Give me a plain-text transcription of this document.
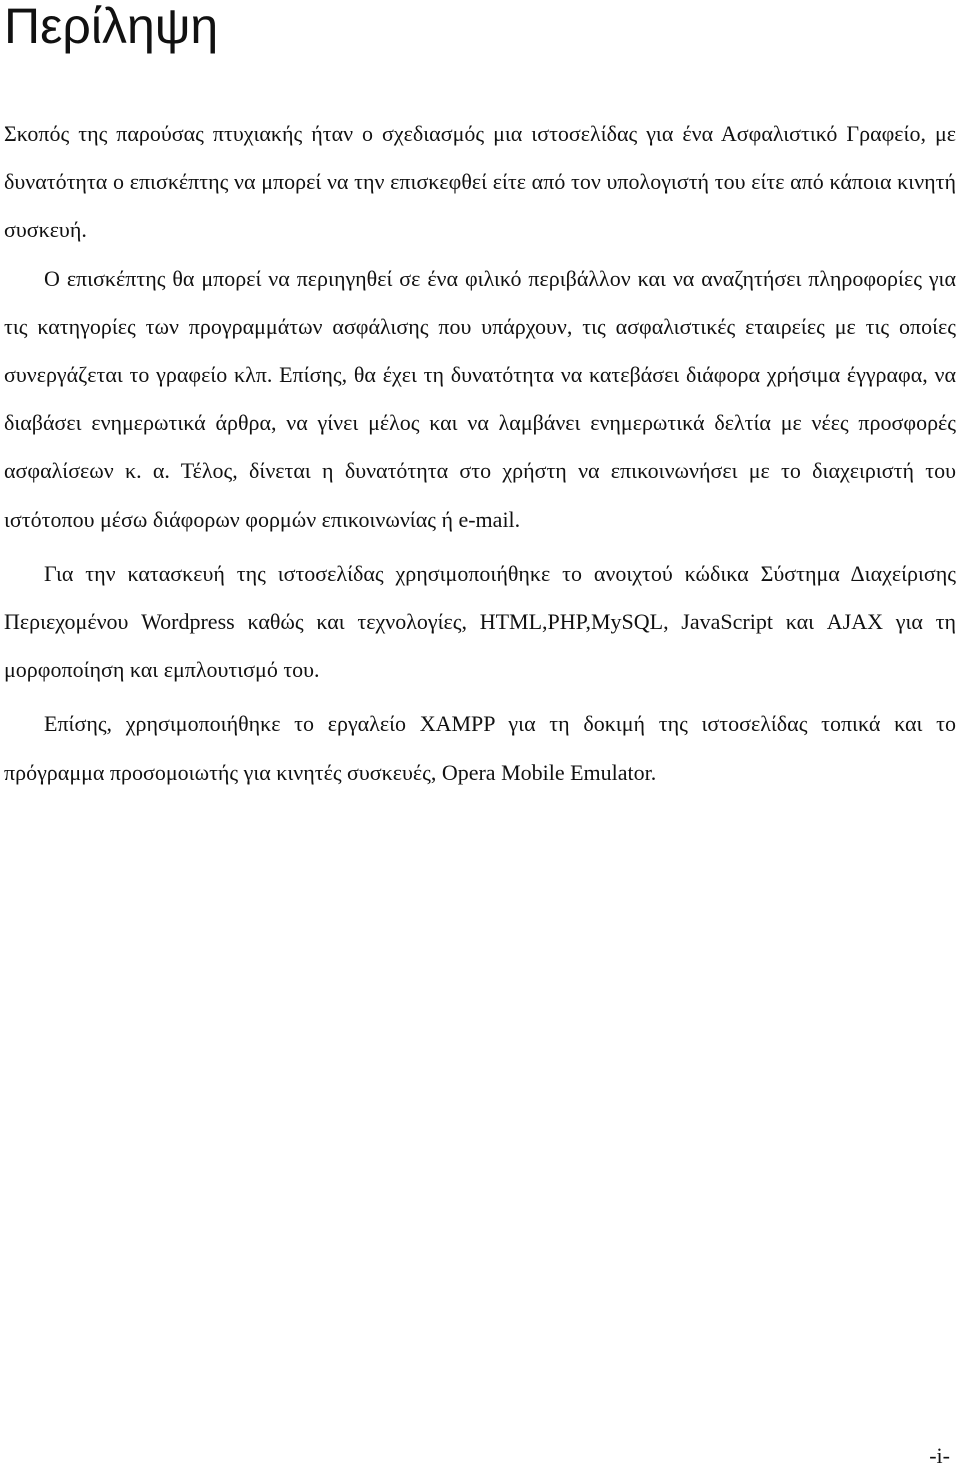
Περίληψη

Σκοπός της παρούσας πτυχιακής ήταν ο σχεδιασμός μια ιστοσελίδας για ένα Ασφαλιστικό Γραφείο, με δυνατότητα ο επισκέπτης να μπορεί να την επισκεφθεί είτε από τον υπολογιστή του είτε από κάποια κινητή συσκευή.

Ο επισκέπτης θα μπορεί να περιηγηθεί σε ένα φιλικό περιβάλλον και να αναζητήσει πληροφορίες για τις κατηγορίες των προγραμμάτων ασφάλισης που υπάρχουν, τις ασφαλιστικές εταιρείες με τις οποίες συνεργάζεται το γραφείο κλπ. Επίσης, θα έχει τη δυνατότητα να κατεβάσει διάφορα χρήσιμα έγγραφα, να διαβάσει ενημερωτικά άρθρα, να γίνει μέλος και να λαμβάνει ενημερωτικά δελτία με νέες προσφορές ασφαλίσεων κ. α. Τέλος, δίνεται η δυνατότητα στο χρήστη να επικοινωνήσει με το διαχειριστή του ιστότοπου μέσω διάφορων φορμών επικοινωνίας ή e-mail.

Για την κατασκευή της ιστοσελίδας χρησιμοποιήθηκε το ανοιχτού κώδικα Σύστημα Διαχείρισης Περιεχομένου Wordpress καθώς και τεχνολογίες, HTML,PHP,MySQL, JavaScript και AJAX για τη μορφοποίηση και εμπλουτισμό του.

Επίσης, χρησιμοποιήθηκε το εργαλείο XAMPP για τη δοκιμή της ιστοσελίδας τοπικά και το πρόγραμμα προσομοιωτής για κινητές συσκευές, Opera Mobile Emulator.

-i-
